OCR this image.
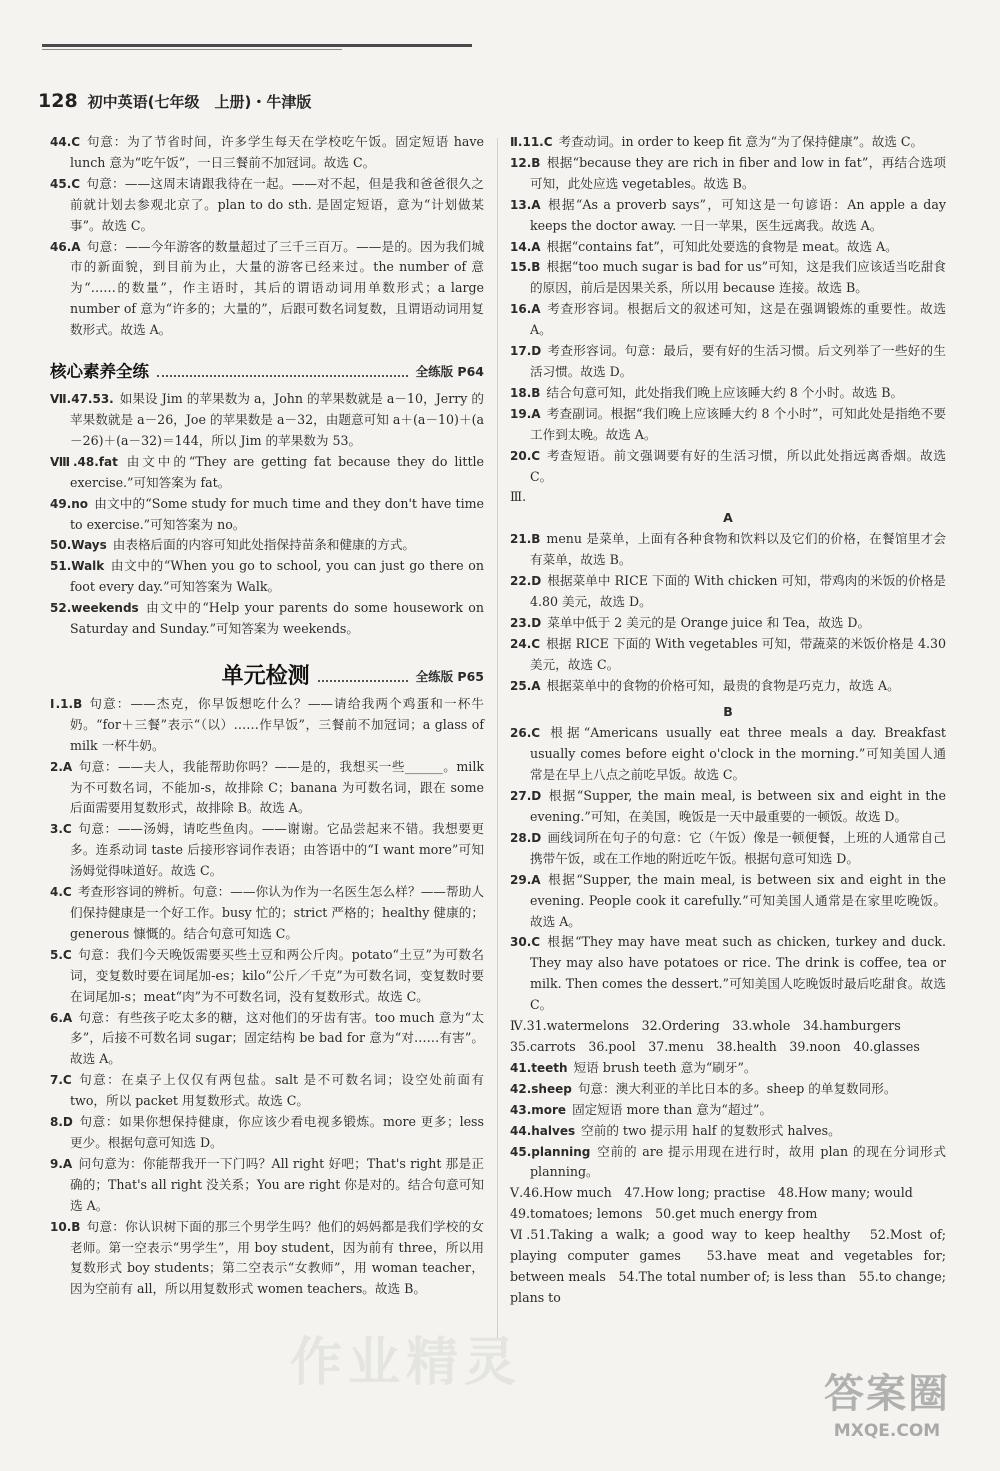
128 初中英语(七年级　上册)・牛津版
44.C 句意：为了节省时间，许多学生每天在学校吃午饭。固定短语 have lunch 意为“吃午饭”，一日三餐前不加冠词。故选 C。
45.C 句意：——这周末请跟我待在一起。——对不起，但是我和爸爸很久之前就计划去参观北京了。plan to do sth. 是固定短语，意为“计划做某事”。故选 C。
46.A 句意：——今年游客的数量超过了三千三百万。——是的。因为我们城市的新面貌，到目前为止，大量的游客已经来过。the number of 意为“……的数量”，作主语时，其后的谓语动词用单数形式；a large number of 意为“许多的；大量的”，后跟可数名词复数，且谓语动词用复数形式。故选 A。
核心素养全练	全练版 P64
Ⅶ.47.53. 如果设 Jim 的苹果数为 a，John 的苹果数就是 a－10，Jerry 的苹果数就是 a－26，Joe 的苹果数是 a－32，由题意可知 a＋(a－10)＋(a－26)＋(a－32)＝144，所以 Jim 的苹果数为 53。
Ⅷ.48.fat 由文中的“They are getting fat because they do little exercise.”可知答案为 fat。
49.no 由文中的“Some study for much time and they don't have time to exercise.”可知答案为 no。
50.Ways 由表格后面的内容可知此处指保持苗条和健康的方式。
51.Walk 由文中的“When you go to school, you can just go there on foot every day.”可知答案为 Walk。
52.weekends 由文中的“Help your parents do some housework on Saturday and Sunday.”可知答案为 weekends。
单元检测	全练版 P65
Ⅰ.1.B 句意：——杰克，你早饭想吃什么？——请给我两个鸡蛋和一杯牛奶。“for＋三餐”表示“（以）……作早饭”，三餐前不加冠词；a glass of milk 一杯牛奶。
2.A 句意：——夫人，我能帮助你吗？——是的，我想买一些______。milk 为不可数名词，不能加-s，故排除 C；banana 为可数名词，跟在 some 后面需要用复数形式，故排除 B。故选 A。
3.C 句意：——汤姆，请吃些鱼肉。——谢谢。它品尝起来不错。我想要更多。连系动词 taste 后接形容词作表语；由答语中的“I want more”可知汤姆觉得味道好。故选 C。
4.C 考查形容词的辨析。句意：——你认为作为一名医生怎么样？——帮助人们保持健康是一个好工作。busy 忙的；strict 严格的；healthy 健康的；generous 慷慨的。结合句意可知选 C。
5.C 句意：我们今天晚饭需要买些土豆和两公斤肉。potato“土豆”为可数名词，变复数时要在词尾加-es；kilo“公斤／千克”为可数名词，变复数时要在词尾加-s；meat“肉”为不可数名词，没有复数形式。故选 C。
6.A 句意：有些孩子吃太多的糖，这对他们的牙齿有害。too much 意为“太多”，后接不可数名词 sugar；固定结构 be bad for 意为“对……有害”。故选 A。
7.C 句意：在桌子上仅仅有两包盐。salt 是不可数名词；设空处前面有 two，所以 packet 用复数形式。故选 C。
8.D 句意：如果你想保持健康，你应该少看电视多锻炼。more 更多；less 更少。根据句意可知选 D。
9.A 问句意为：你能帮我开一下门吗？All right 好吧；That's right 那是正确的；That's all right 没关系；You are right 你是对的。结合句意可知选 A。
10.B 句意：你认识树下面的那三个男学生吗？他们的妈妈都是我们学校的女老师。第一空表示“男学生”，用 boy student，因为前有 three，所以用复数形式 boy students；第二空表示“女教师”，用 woman teacher，因为空前有 all，所以用复数形式 women teachers。故选 B。
Ⅱ.11.C 考查动词。in order to keep fit 意为“为了保持健康”。故选 C。
12.B 根据“because they are rich in fiber and low in fat”，再结合选项可知，此处应选 vegetables。故选 B。
13.A 根据“As a proverb says”，可知这是一句谚语：An apple a day keeps the doctor away. 一日一苹果，医生远离我。故选 A。
14.A 根据“contains fat”，可知此处要选的食物是 meat。故选 A。
15.B 根据“too much sugar is bad for us”可知，这是我们应该适当吃甜食的原因，前后是因果关系，所以用 because 连接。故选 B。
16.A 考查形容词。根据后文的叙述可知，这是在强调锻炼的重要性。故选 A。
17.D 考查形容词。句意：最后，要有好的生活习惯。后文列举了一些好的生活习惯。故选 D。
18.B 结合句意可知，此处指我们晚上应该睡大约 8 个小时。故选 B。
19.A 考查副词。根据“我们晚上应该睡大约 8 个小时”，可知此处是指绝不要工作到太晚。故选 A。
20.C 考查短语。前文强调要有好的生活习惯，所以此处指远离香烟。故选 C。
Ⅲ.
A
21.B menu 是菜单，上面有各种食物和饮料以及它们的价格，在餐馆里才会有菜单，故选 B。
22.D 根据菜单中 RICE 下面的 With chicken 可知，带鸡肉的米饭的价格是 4.80 美元，故选 D。
23.D 菜单中低于 2 美元的是 Orange juice 和 Tea，故选 D。
24.C 根据 RICE 下面的 With vegetables 可知，带蔬菜的米饭价格是 4.30 美元，故选 C。
25.A 根据菜单中的食物的价格可知，最贵的食物是巧克力，故选 A。
B
26.C 根据“Americans usually eat three meals a day. Breakfast usually comes before eight o'clock in the morning.”可知美国人通常是在早上八点之前吃早饭。故选 C。
27.D 根据“Supper, the main meal, is between six and eight in the evening.”可知，在美国，晚饭是一天中最重要的一顿饭。故选 D。
28.D 画线词所在句子的句意：它（午饭）像是一顿便餐，上班的人通常自己携带午饭，或在工作地的附近吃午饭。根据句意可知选 D。
29.A 根据“Supper, the main meal, is between six and eight in the evening. People cook it carefully.”可知美国人通常是在家里吃晚饭。故选 A。
30.C 根据“They may have meat such as chicken, turkey and duck. They may also have potatoes or rice. The drink is coffee, tea or milk. Then comes the dessert.”可知美国人吃晚饭时最后吃甜食。故选 C。
Ⅳ.31.watermelons　32.Ordering　33.whole　34.hamburgers
35.carrots　36.pool　37.menu　38.health　39.noon　40.glasses
41.teeth 短语 brush teeth 意为“刷牙”。
42.sheep 句意：澳大利亚的羊比日本的多。sheep 的单复数同形。
43.more 固定短语 more than 意为“超过”。
44.halves 空前的 two 提示用 half 的复数形式 halves。
45.planning 空前的 are 提示用现在进行时，故用 plan 的现在分词形式 planning。
Ⅴ.46.How much　47.How long; practise　48.How many; would
49.tomatoes; lemons　50.get much energy from
Ⅵ.51.Taking a walk; a good way to keep healthy　52.Most of; playing computer games　53.have meat and vegetables for; between meals　54.The total number of; is less than　55.to change; plans to
作业精灵
答案圈
MXQE.COM
